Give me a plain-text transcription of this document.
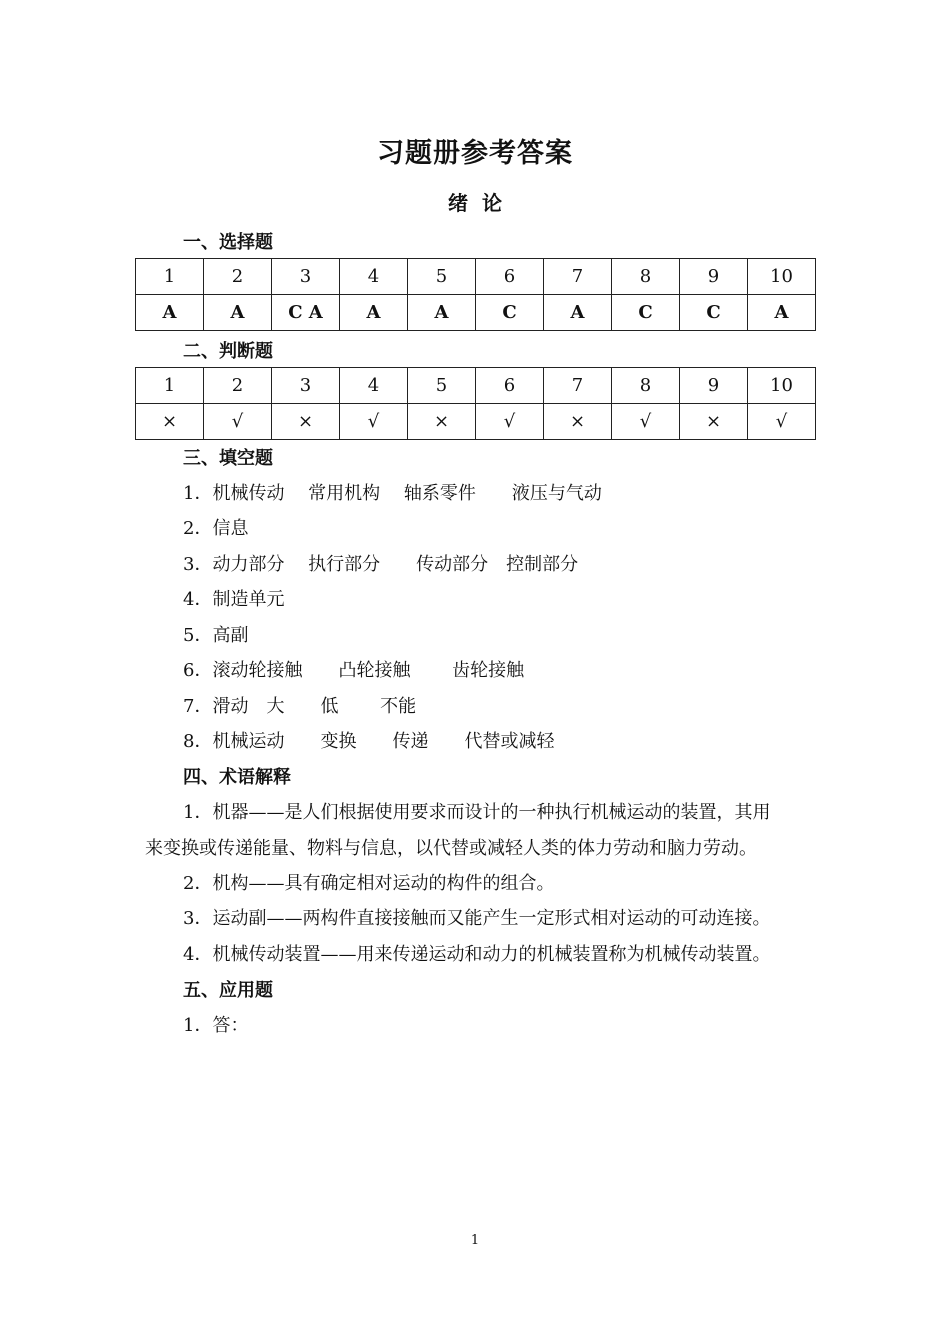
习题册参考答案
绪 论
一、选择题
1	2	3	4	5	6	7	8	9	10
A	A	C A	A	A	C	A	C	C	A
二、判断题
1	2	3	4	5	6	7	8	9	10
×	√	×	√	×	√	×	√	×	√
三、填空题
1．机械传动　 常用机构　 轴系零件　　液压与气动
2．信息
3．动力部分　 执行部分　　传动部分　控制部分
4．制造单元
5．高副
6．滚动轮接触　　凸轮接触　　 齿轮接触
7．滑动　大　　低　　 不能
8．机械运动　　变换　　传递　　代替或减轻
四、术语解释
1．机器——是人们根据使用要求而设计的一种执行机械运动的装置，其用
来变换或传递能量、物料与信息，以代替或减轻人类的体力劳动和脑力劳动。
2．机构——具有确定相对运动的构件的组合。
3．运动副——两构件直接接触而又能产生一定形式相对运动的可动连接。
4．机械传动装置——用来传递运动和动力的机械装置称为机械传动装置。
五、应用题
1．答：
1
